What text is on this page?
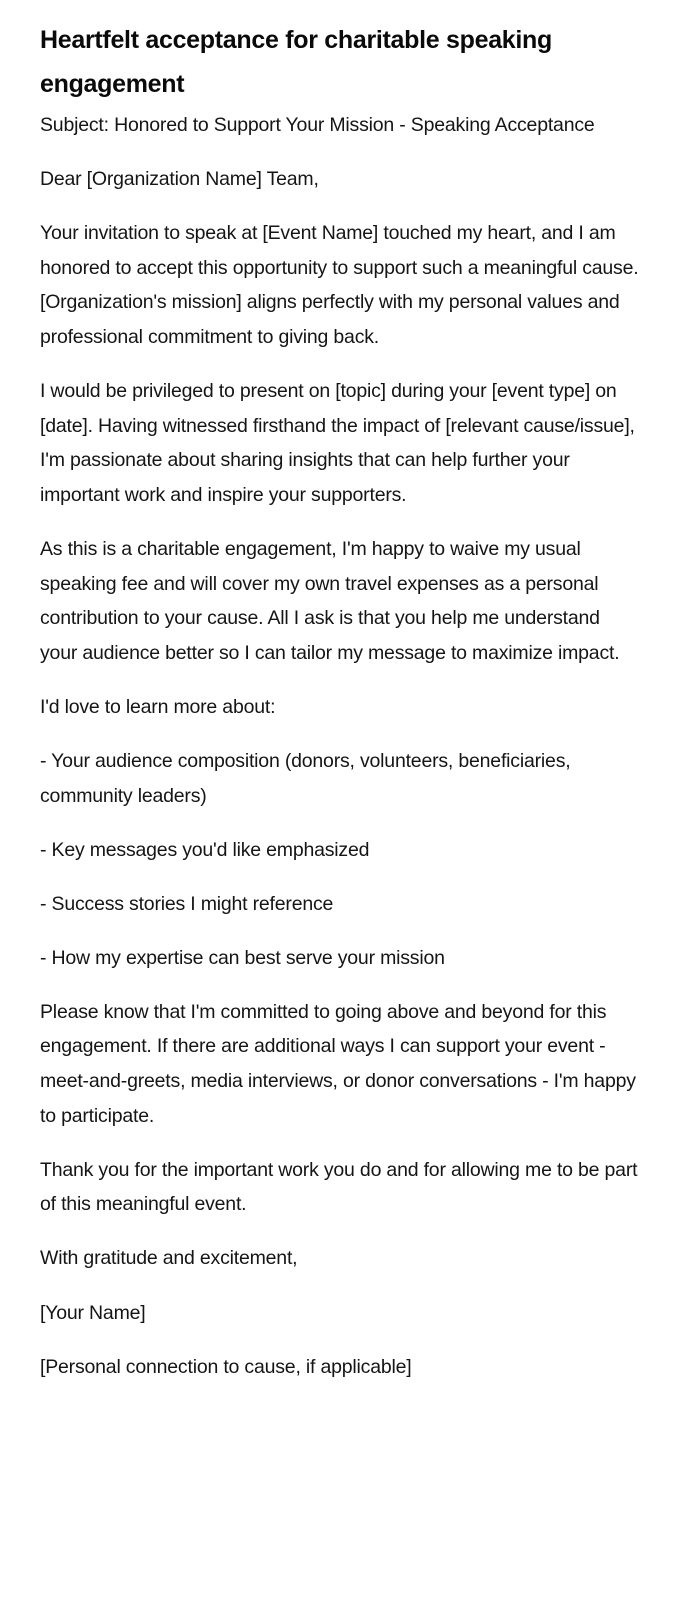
Heartfelt acceptance for charitable speaking engagement

Subject: Honored to Support Your Mission - Speaking Acceptance

Dear [Organization Name] Team,

Your invitation to speak at [Event Name] touched my heart, and I am honored to accept this opportunity to support such a meaningful cause. [Organization's mission] aligns perfectly with my personal values and professional commitment to giving back.

I would be privileged to present on [topic] during your [event type] on [date]. Having witnessed firsthand the impact of [relevant cause/issue], I'm passionate about sharing insights that can help further your important work and inspire your supporters.

As this is a charitable engagement, I'm happy to waive my usual speaking fee and will cover my own travel expenses as a personal contribution to your cause. All I ask is that you help me understand your audience better so I can tailor my message to maximize impact.

I'd love to learn more about:

- Your audience composition (donors, volunteers, beneficiaries, community leaders)

- Key messages you'd like emphasized

- Success stories I might reference

- How my expertise can best serve your mission

Please know that I'm committed to going above and beyond for this engagement. If there are additional ways I can support your event - meet-and-greets, media interviews, or donor conversations - I'm happy to participate.

Thank you for the important work you do and for allowing me to be part of this meaningful event.

With gratitude and excitement,

[Your Name]

[Personal connection to cause, if applicable]
